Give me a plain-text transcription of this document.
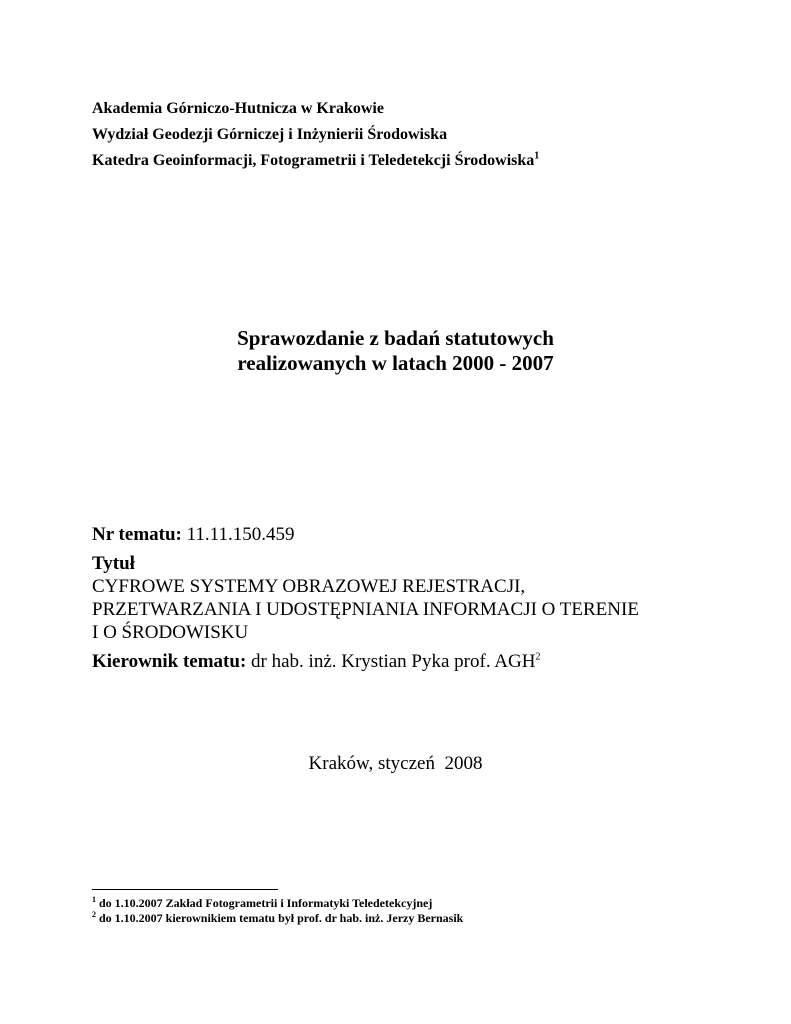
Akademia Górniczo-Hutnicza w Krakowie
Wydział Geodezji Górniczej i Inżynierii Środowiska
Katedra Geoinformacji, Fotogrametrii i Teledetekcji Środowiska$^1$
Sprawozdanie z badań statutowych
realizowanych w latach 2000 - 2007
Nr tematu: 11.11.150.459
Tytuł
CYFROWE SYSTEMY OBRAZOWEJ REJESTRACJI,
PRZETWARZANIA I UDOSTĘPNIANIA INFORMACJI O TERENIE
I O ŚRODOWISKU
Kierownik tematu: dr hab. inż. Krystian Pyka prof. AGH$^2$
Kraków, styczeń  2008
$^1$ do 1.10.2007 Zakład Fotogrametrii i Informatyki Teledetekcyjnej
$^2$ do 1.10.2007 kierownikiem tematu był prof. dr hab. inż. Jerzy Bernasik
